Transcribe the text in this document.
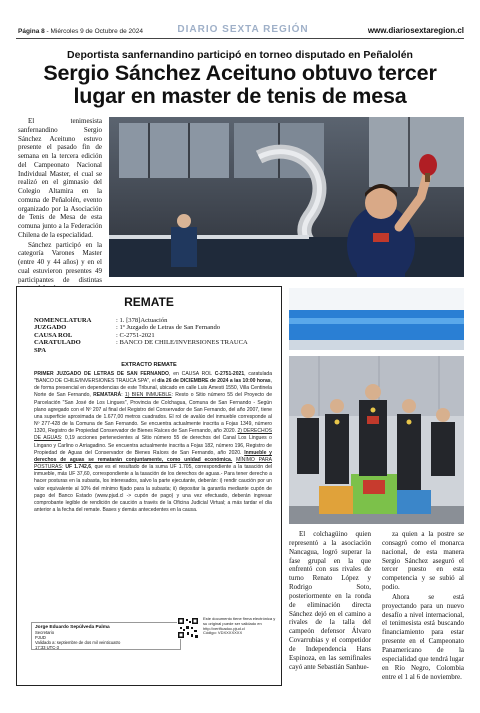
Página 8 - Miércoles 9 de Octubre de 2024	DIARIO SEXTA REGIÓN	www.diariosextaregion.cl
Deportista sanfernandino participó en torneo disputado en Peñalolén
Sergio Sánchez Aceituno obtuvo tercer lugar en master de tenis de mesa

El tenimesista sanfernandino Sergio Sánchez Aceituno estuvo presente el pasado fin de semana en la tercera edición del Campeonato Nacional Individual Master, el cual se realizó en el gimnasio del Colegio Altamira en la comuna de Peñalolén, evento organizado por la Asociación de Tenis de Mesa de esta comuna junto a la Federación Chilena de la especialidad.

Sánchez participó en la categoría Varones Master (entre 40 y 44 años) y en el cual estuvieron presentes 49 participantes de distintas

REMATE
NOMENCLATURA	: 1. [378]Actuación
JUZGADO	: 1º Juzgado de Letras de San Fernando
CAUSA ROL	: C-2751-2021
CARATULADO	: BANCO DE CHILE/INVERSIONES TRAUCA
SPA
EXTRACTO REMATE
PRIMER JUZGADO DE LETRAS DE SAN FERNANDO, en CAUSA ROL C-2751-2021, caratulada "BANCO DE CHILE/INVERSIONES TRAUCA SPA", el día 26 de DICIEMBRE de 2024 a las 10:00 horas, de forma presencial en dependencias de este Tribunal, ubicado en calle Luis Amesti 1550, Villa Centinela Norte de San Fernando, REMATARÁ: 1) BIEN INMUEBLE: Resto o Sitio número 55 del Proyecto de Parcelación "San José de Los Lingues", Provincia de Colchagua, Comuna de San Fernando - Según plano agregado con el Nº 207 al final del Registro del Conservador de San Fernando, del año 2007, tiene una superficie aproximada de 1.677,00 metros cuadrados. El rol de avalúo del inmueble corresponde al Nº 277-428 de la Comuna de San Fernando. Se encuentra actualmente inscrita a Fojas 1349, número 1320, Registro de Propiedad Conservador de Bienes Raíces de San Fernando, año 2020. 2) DERECHOS DE AGUAS: 0,19 acciones pertenecientes al Sitio número 55 de derechos del Canal Los Lingues o Lingano y Carlino o Arriagadino. Se encuentra actualmente inscrita a Fojas 182, número 196, Registro de Propiedad de Aguas del Conservador de Bienes Raíces de San Fernando, año 2020. Inmueble y derechos de aguas se rematarán conjuntamente, como unidad económica. MÍNIMO PARA POSTURAS: UF 1.742,6, que es el resultado de la suma UF 1.705, correspondiente a la tasación del inmueble, más UF 37,60, correspondiente a la tasación de los derechos de aguas.- Para tener derecho a hacer posturas en la subasta, los interesados, salvo la parte ejecutante, deberán: i) rendir caución por un valor equivalente al 10% del mínimo fijado para la subasta; ii) depositar la garantía mediante cupón de pago del Banco Estado (www.pjud.cl -> cupón de pago) y una vez efectuado, deberán ingresar comprobante legible de rendición de caución a través de la Oficina Judicial Virtual; a más tardar el día anterior a la fecha del remate. Bases y demás antecedentes en la causa.
Jorge Eduardo Sepúlveda Palma
Secretario
PJUD
Validado a: septiembre de dos mil veinticuatro
17:33 UTC-3
Este documento tiene firma electrónica y su original puede ser validado en http://verificadoc.pjud.cl
Código: VDXXXXXXX

El colchagüino quien representó a la asociación Nancagua, logró superar la fase grupal en la que enfrentó con sus rivales de turno Renato López y Rodrigo Soto, posteriormente en la ronda de eliminación directa Sánchez dejó en el camino a rivales de la talla del campeón defensor Álvaro Covarrubias y el competidor de Independencia Hans Espinoza, en las semifinales cayó ante Sebastián Sanhue-

za quien a la postre se consagró como el monarca nacional, de esta manera Sergio Sánchez aseguró el tercer puesto en esta competencia y se subió al podio.

Ahora se está proyectando para un nuevo desafío a nivel internacional, el tenimesista está buscando financiamiento para estar presente en el Campeonato Panamericano de la especialidad que tendrá lugar en Río Negro, Colombia entre el 1 al 6 de noviembre.
